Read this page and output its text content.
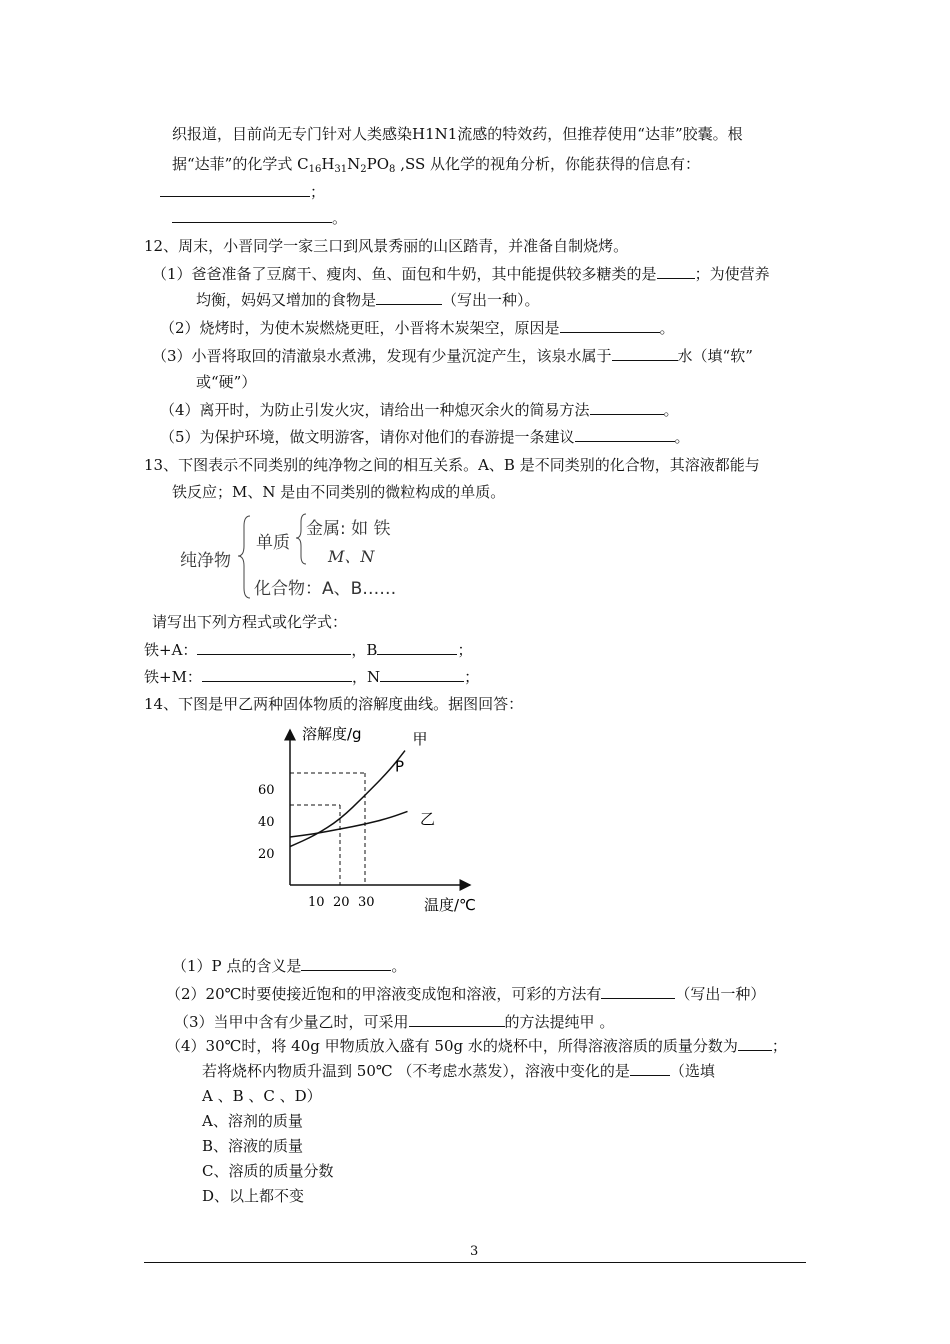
织报道，目前尚无专门针对人类感染H1N1流感的特效药，但推荐使用“达菲”胶囊。根
据“达菲”的化学式 $C_{16}H_{31}N_2PO_8$ ,SS 从化学的视角分析，你能获得的信息有：
；
。
12、周末，小晋同学一家三口到风景秀丽的山区踏青，并准备自制烧烤。
（1）爸爸准备了豆腐干、瘦肉、鱼、面包和牛奶，其中能提供较多糖类的是	；为使营养
均衡，妈妈又增加的食物是	（写出一种）。
（2）烧烤时，为使木炭燃烧更旺，小晋将木炭架空，原因是	。
（3）小晋将取回的清澈泉水煮沸，发现有少量沉淀产生，该泉水属于	水（填“软”
或“硬”）
（4）离开时，为防止引发火灾，请给出一种熄灭余火的简易方法	。
（5）为保护环境，做文明游客，请你对他们的春游提一条建议	。
13、下图表示不同类别的纯净物之间的相互关系。A、B 是不同类别的化合物，其溶液都能与
铁反应；M、N 是由不同类别的微粒构成的单质。
纯净物
单质
金属: 如 铁
M、N
化合物：A、B……
请写出下列方程式或化学式：
铁+A：	，B	；
铁+M：	，N	；
14、下图是甲乙两种固体物质的溶解度曲线。据图回答：
20
40
60
10 20 30
P
甲
乙
溶解度/g
温度/℃
（1）P 点的含义是	。
（2）20℃时要使接近饱和的甲溶液变成饱和溶液，可彩的方法有	（写出一种）
（3）当甲中含有少量乙时，可采用	的方法提纯甲 。
（4）30℃时，将 40g 甲物质放入盛有 50g 水的烧杯中，所得溶液溶质的质量分数为 ；
若将烧杯内物质升温到 50℃ （不考虑水蒸发），溶液中变化的是	（选填
A 、B 、C 、D）
A、溶剂的质量
B、溶液的质量
C、溶质的质量分数
D、以上都不变
3
